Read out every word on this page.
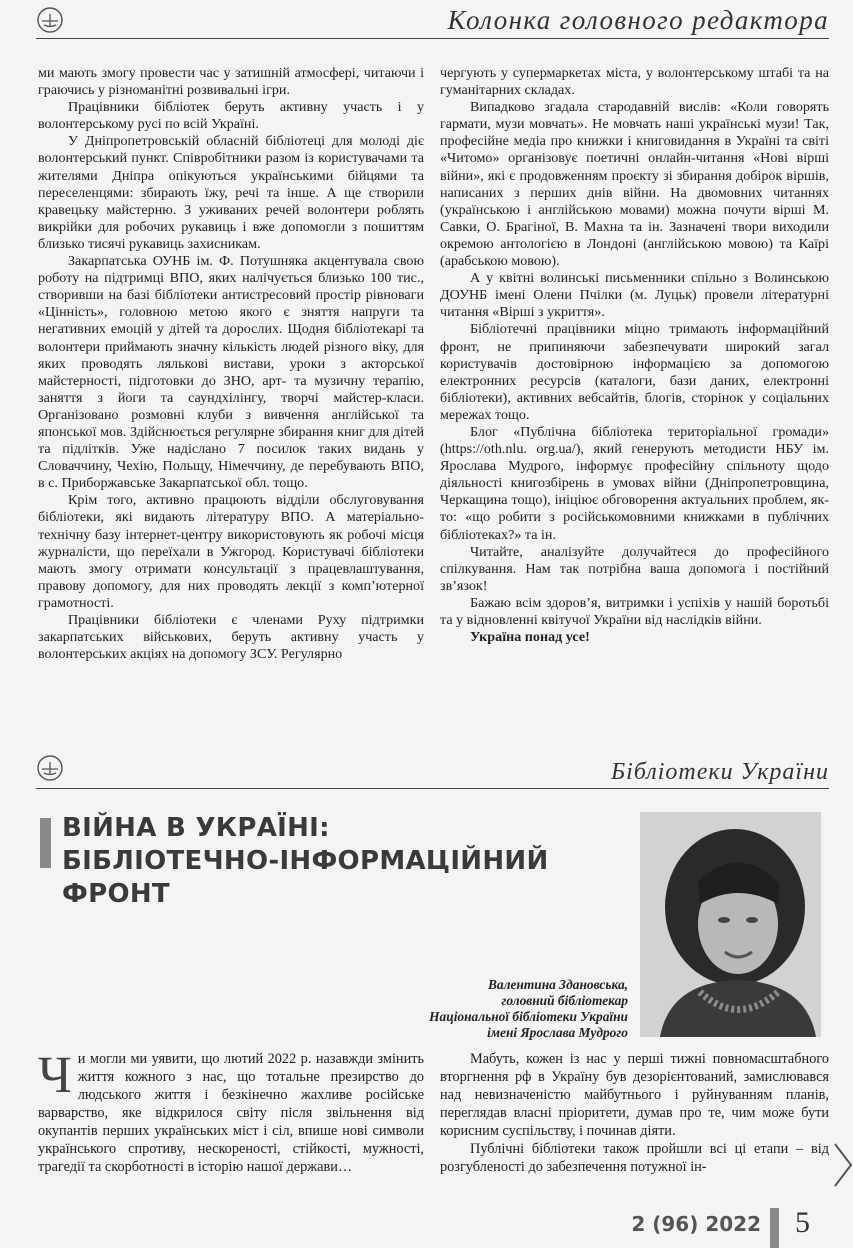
Колонка головного редактора

ми мають змогу провести час у затишній атмосфері, читаючи і граючись у різноманітні розвивальні ігри.

Працівники бібліотек беруть активну участь і у волонтерському русі по всій Україні.

У Дніпропетровській обласній бібліотеці для молоді діє волонтерський пункт. Співробітники разом із користувачами та жителями Дніпра опікуються українськими бійцями та переселенцями: збирають їжу, речі та інше. А ще створили кравецьку майстерню. З уживаних речей волонтери роблять викрійки для робочих рукавиць і вже допомогли з пошиттям близько тисячі рукавиць захисникам.

Закарпатська ОУНБ ім. Ф. Потушняка акцентувала свою роботу на підтримці ВПО, яких налічується близько 100 тис., створивши на базі бібліотеки антистресовий простір рівноваги «Цінність», головною метою якого є зняття напруги та негативних емоцій у дітей та дорослих. Щодня бібліотекарі та волонтери приймають значну кількість людей різного віку, для яких проводять лялькові вистави, уроки з акторської майстерності, підготовки до ЗНО, арт- та музичну терапію, заняття з йоги та саундхілінгу, творчі майстер-класи. Організовано розмовні клуби з вивчення англійської та японської мов. Здійснюється регулярне збирання книг для дітей та підлітків. Уже надіслано 7 посилок таких видань у Словаччину, Чехію, Польщу, Німеччину, де перебувають ВПО, в с. Приборжавське Закарпатської обл. тощо.

Крім того, активно працюють відділи обслуговування бібліотеки, які видають літературу ВПО. А матеріально-технічну базу інтернет-центру використовують як робочі місця журналісти, що переїхали в Ужгород. Користувачі бібліотеки мають змогу отримати консультації з працевлаштування, правову допомогу, для них проводять лекції з комп’ютерної грамотності.

Працівники бібліотеки є членами Руху підтримки закарпатських військових, беруть активну участь у волонтерських акціях на допомогу ЗСУ. Регулярно

чергують у супермаркетах міста, у волонтерському штабі та на гуманітарних складах.

Випадково згадала стародавній вислів: «Коли говорять гармати, музи мовчать». Не мовчать наші українські музи! Так, професійне медіа про книжки і книговидання в Україні та світі «Читомо» організовує поетичні онлайн-читання «Нові вірші війни», які є продовженням проєкту зі збирання добірок віршів, написаних з перших днів війни. На двомовних читаннях (українською і англійською мовами) можна почути вірші М. Савки, О. Брагіної, В. Махна та ін. Зазначені твори виходили окремою антологією в Лондоні (англійською мовою) та Каїрі (арабською мовою).

А у квітні волинські письменники спільно з Волинською ДОУНБ імені Олени Пчілки (м. Луцьк) провели літературні читання «Вірші з укриття».

Бібліотечні працівники міцно тримають інформаційний фронт, не припиняючи забезпечувати широкий загал користувачів достовірною інформацією за допомогою електронних ресурсів (каталоги, бази даних, електронні бібліотеки), активних вебсайтів, блогів, сторінок у соціальних мережах тощо.

Блог «Публічна бібліотека територіальної громади» (https://oth.nlu. org.ua/), який генерують методисти НБУ ім. Ярослава Мудрого, інформує професійну спільноту щодо діяльності книгозбірень в умовах війни (Дніпропетровщина, Черкащина тощо), ініціює обговорення актуальних проблем, як-то: «що робити з російськомовними книжками в публічних бібліотеках?» та ін.

Читайте, аналізуйте долучайтеся до професійного спілкування. Нам так потрібна ваша допомога і постійний зв’язок!

Бажаю всім здоров’я, витримки і успіхів у нашій боротьбі та у відновленні квітучої України від наслідків війни.

Україна понад усе!

Бібліотеки України
ВІЙНА В УКРАЇНІ:
БІБЛІОТЕЧНО-ІНФОРМАЦІЙНИЙ ФРОНТ
Валентина Здановська,
головний бібліотекар
Національної бібліотеки України
імені Ярослава Мудрого

Чи могли ми уявити, що лютий 2022 р. назавжди змінить життя кожного з нас, що тотальне презирство до людського життя і безкінечно жахливе російське варварство, яке відкрилося світу після звільнення від окупантів перших українських міст і сіл, впише нові символи українського спротиву, нескореності, стійкості, мужності, трагедії та скорботності в історію нашої держави…

Мабуть, кожен із нас у перші тижні повномасштабного вторгнення рф в Україну був дезорієнтований, замислювався над невизначеністю майбутнього і руйнуванням планів, переглядав власні пріоритети, думав про те, чим може бути корисним суспільству, і починав діяти.

Публічні бібліотеки також пройшли всі ці етапи – від розгубленості до забезпечення потужної ін-

2 (96) 2022 5
